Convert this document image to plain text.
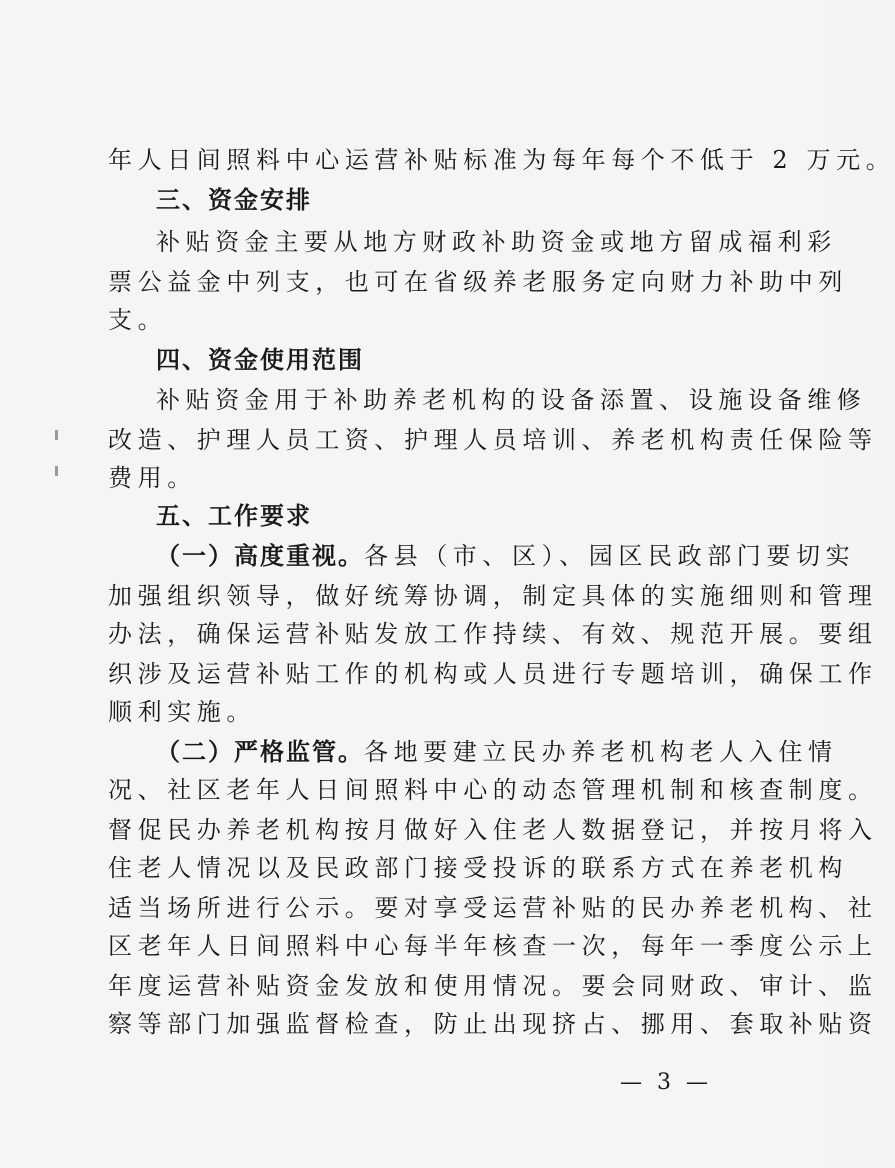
年人日间照料中心运营补贴标准为每年每个不低于 2 万元。
三、资金安排
补贴资金主要从地方财政补助资金或地方留成福利彩
票公益金中列支，也可在省级养老服务定向财力补助中列
支。
四、资金使用范围
补贴资金用于补助养老机构的设备添置、设施设备维修
改造、护理人员工资、护理人员培训、养老机构责任保险等
费用。
五、工作要求
（一）高度重视。各县（市、区）、园区民政部门要切实
加强组织领导，做好统筹协调，制定具体的实施细则和管理
办法，确保运营补贴发放工作持续、有效、规范开展。要组
织涉及运营补贴工作的机构或人员进行专题培训，确保工作
顺利实施。
（二）严格监管。各地要建立民办养老机构老人入住情
况、社区老年人日间照料中心的动态管理机制和核查制度。
督促民办养老机构按月做好入住老人数据登记，并按月将入
住老人情况以及民政部门接受投诉的联系方式在养老机构
适当场所进行公示。要对享受运营补贴的民办养老机构、社
区老年人日间照料中心每半年核查一次，每年一季度公示上
年度运营补贴资金发放和使用情况。要会同财政、审计、监
察等部门加强监督检查，防止出现挤占、挪用、套取补贴资
— 3 —
